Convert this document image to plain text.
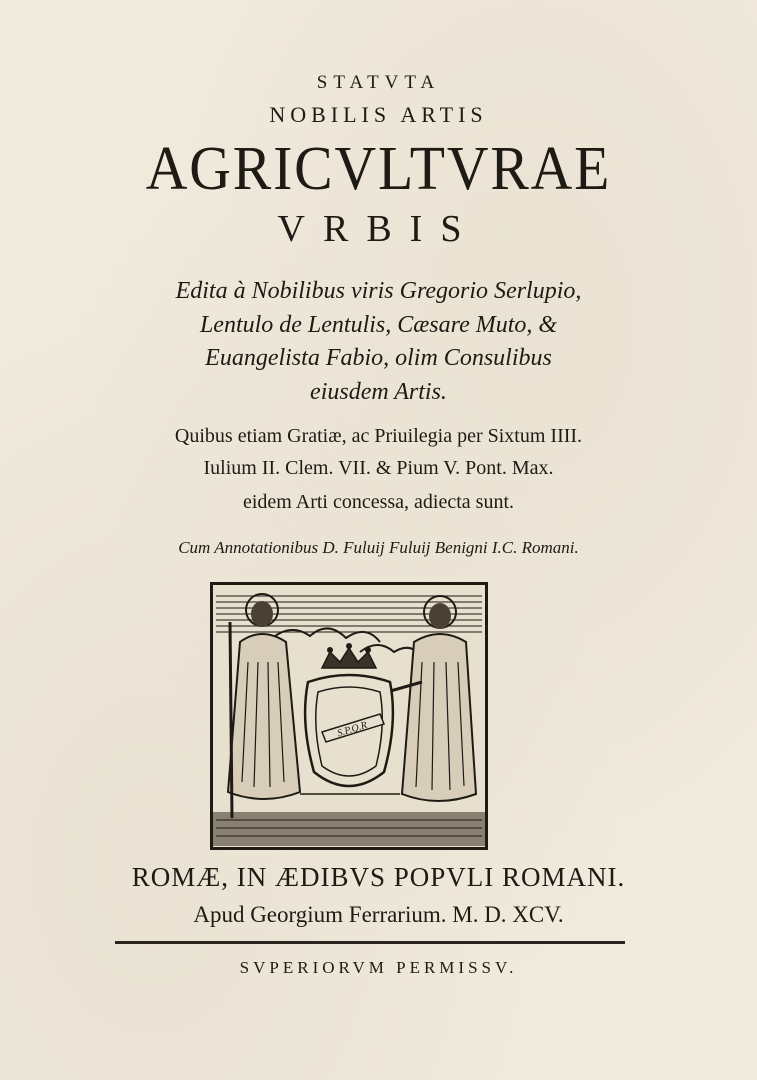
STATVTA
NOBILIS ARTIS
AGRICVLTVRAE
VRBIS
Edita à Nobilibus viris Gregorio Serlupio,
Lentulo de Lentulis, Cæsare Muto, &
Euangelista Fabio, olim Consulibus
eiusdem Artis.
Quibus etiam Gratiæ, ac Priuilegia per Sixtum IIII.
Iulium II. Clem. VII. & Pium V. Pont. Max.
eidem Arti concessa, adiecta sunt.
Cum Annotationibus D. Fuluij Fuluij Benigni I.C. Romani.
S.P.Q.R
ROMÆ, IN ÆDIBVS POPVLI ROMANI.
Apud Georgium Ferrarium. M. D. XCV.
SVPERIORVM PERMISSV.
